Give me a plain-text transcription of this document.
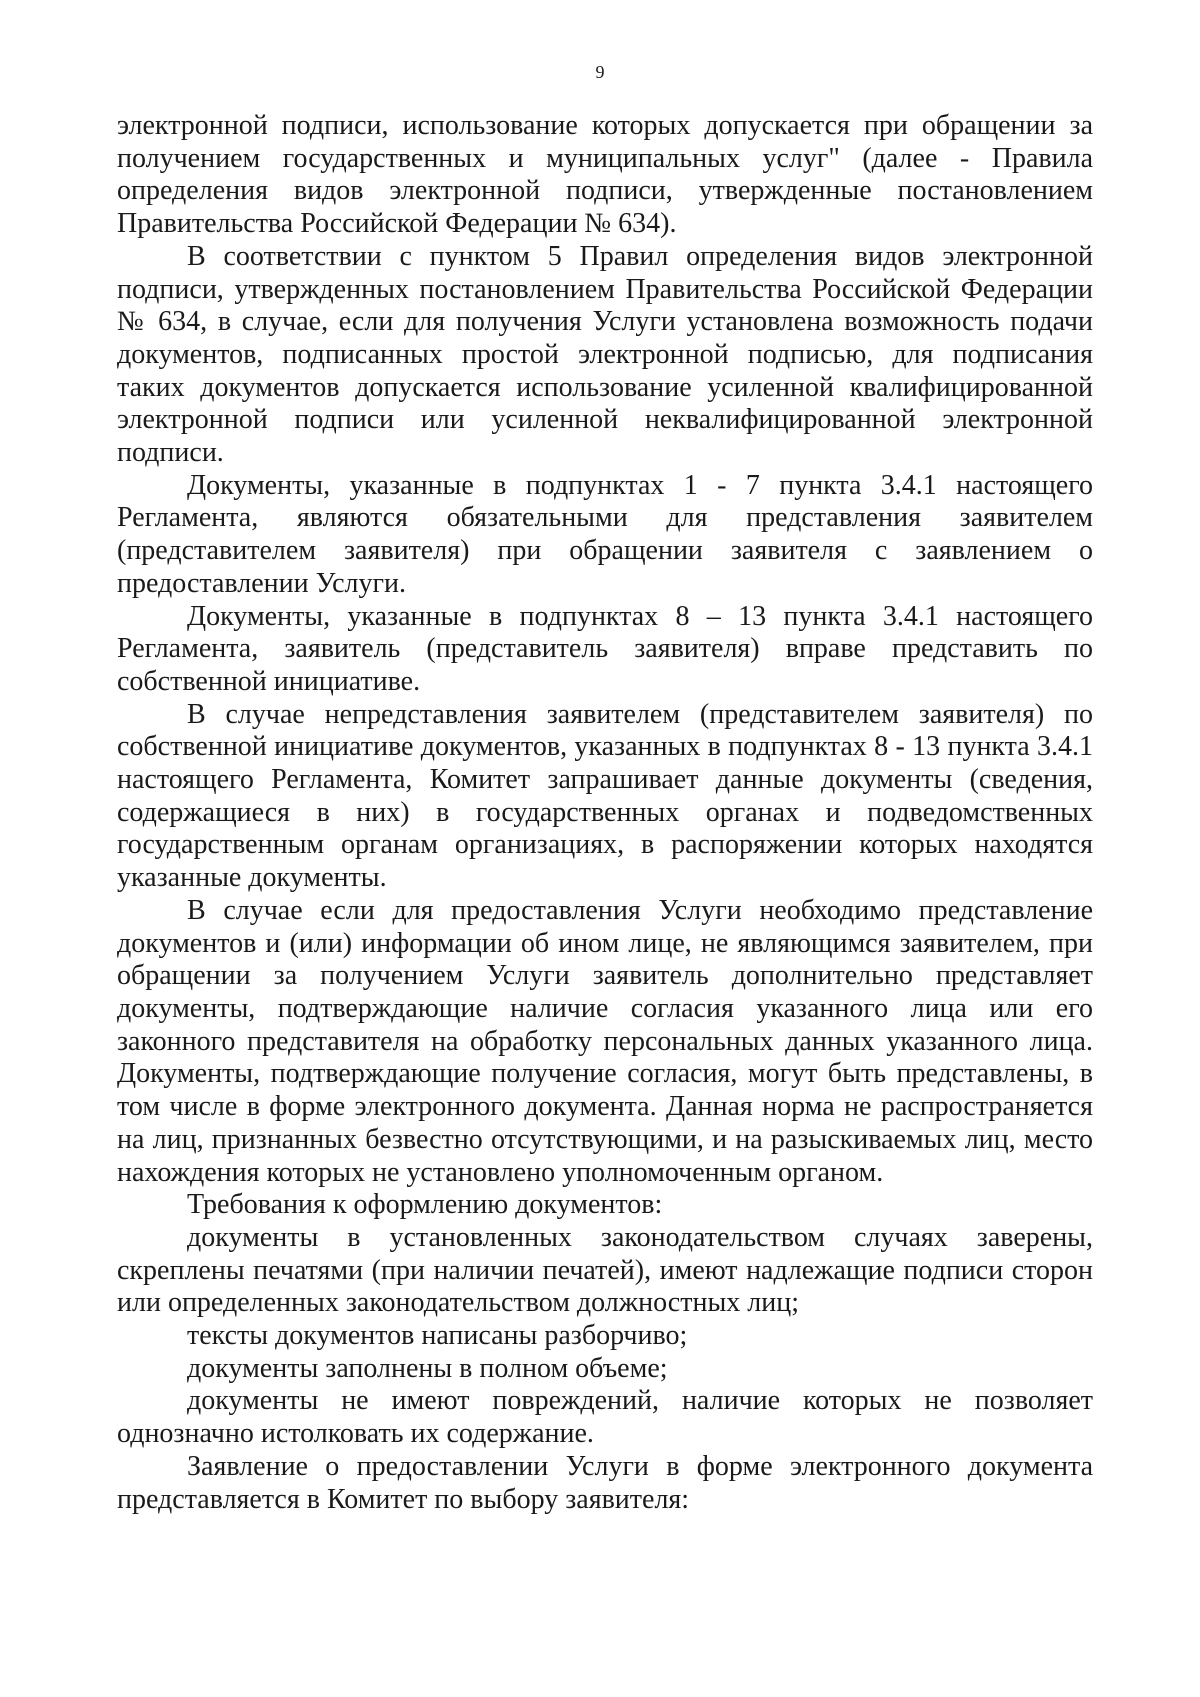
9

электронной подписи, использование которых допускается при обращении за получением государственных и муниципальных услуг" (далее - Правила определения видов электронной подписи, утвержденные постановлением Правительства Российской Федерации № 634).

В соответствии с пунктом 5 Правил определения видов электронной подписи, утвержденных постановлением Правительства Российской Федерации № 634, в случае, если для получения Услуги установлена возможность подачи документов, подписанных простой электронной подписью, для подписания таких документов допускается использование усиленной квалифицированной электронной подписи или усиленной неквалифицированной электронной подписи.

Документы, указанные в подпунктах 1 - 7 пункта 3.4.1 настоящего Регламента, являются обязательными для представления заявителем (представителем заявителя) при обращении заявителя с заявлением о предоставлении Услуги.

Документы, указанные в подпунктах 8 – 13 пункта 3.4.1 настоящего Регламента, заявитель (представитель заявителя) вправе представить по собственной инициативе.

В случае непредставления заявителем (представителем заявителя) по собственной инициативе документов, указанных в подпунктах 8 - 13 пункта 3.4.1 настоящего Регламента, Комитет запрашивает данные документы (сведения, содержащиеся в них) в государственных органах и подведомственных государственным органам организациях, в распоряжении которых находятся указанные документы.

В случае если для предоставления Услуги необходимо представление документов и (или) информации об ином лице, не являющимся заявителем, при обращении за получением Услуги заявитель дополнительно представляет документы, подтверждающие наличие согласия указанного лица или его законного представителя на обработку персональных данных указанного лица. Документы, подтверждающие получение согласия, могут быть представлены, в том числе в форме электронного документа. Данная норма не распространяется на лиц, признанных безвестно отсутствующими, и на разыскиваемых лиц, место нахождения которых не установлено уполномоченным органом.

Требования к оформлению документов:

документы в установленных законодательством случаях заверены, скреплены печатями (при наличии печатей), имеют надлежащие подписи сторон или определенных законодательством должностных лиц;

тексты документов написаны разборчиво;

документы заполнены в полном объеме;

документы не имеют повреждений, наличие которых не позволяет однозначно истолковать их содержание.

Заявление о предоставлении Услуги в форме электронного документа представляется в Комитет по выбору заявителя:
